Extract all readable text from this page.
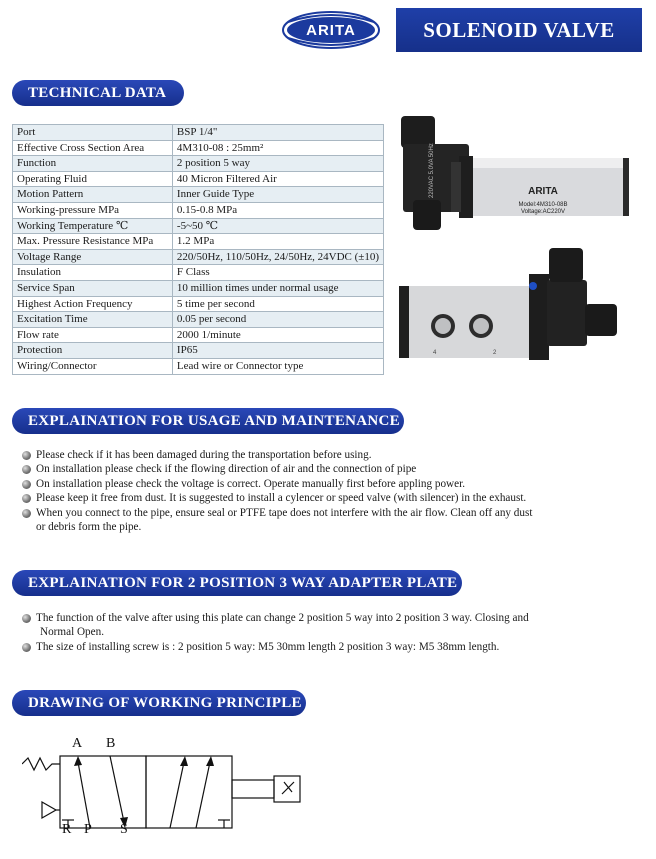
ARITA	SOLENOID VALVE
TECHNICAL DATA
Port	BSP 1/4"
Effective Cross Section Area	4M310-08 : 25mm²
Function	2 position 5 way
Operating Fluid	40 Micron Filtered Air
Motion Pattern	Inner Guide Type
Working-pressure MPa	0.15-0.8 MPa
Working Temperature ℃	-5~50 ℃
Max. Pressure Resistance MPa	1.2 MPa
Voltage Range	220/50Hz, 110/50Hz, 24/50Hz, 24VDC (±10)
Insulation	F Class
Service Span	10 million times under normal usage
Highest Action Frequency	5 time per second
Excitation Time	0.05 per second
Flow rate	2000 1/minute
Protection	IP65
Wiring/Connector	Lead wire or Connector type
220VAC 5.0VA 50Hz	ARITA
Model:4M310-08B
Voltage:AC220V
4	2
EXPLAINATION FOR USAGE AND MAINTENANCE
Please check if it has been damaged during the transportation before using.
On installation please check if the flowing direction of air and the connection of pipe
On installation please check the voltage is correct. Operate manually first before appling power.
Please keep it free from dust. It is suggested to install a cylencer or speed valve (with silencer) in the exhaust.
When you connect to the pipe, ensure seal or PTFE tape does not interfere with the air flow. Clean off any dust
or debris form the pipe.
EXPLAINATION FOR 2 POSITION 3 WAY ADAPTER PLATE
The function of the valve after using this plate can change 2 position 5 way into 2 position 3 way. Closing and
Normal Open.
The size of installing screw is : 2 position 5 way: M5 30mm length 2 position 3 way: M5 38mm length.
DRAWING OF WORKING PRINCIPLE
A B
R P S
